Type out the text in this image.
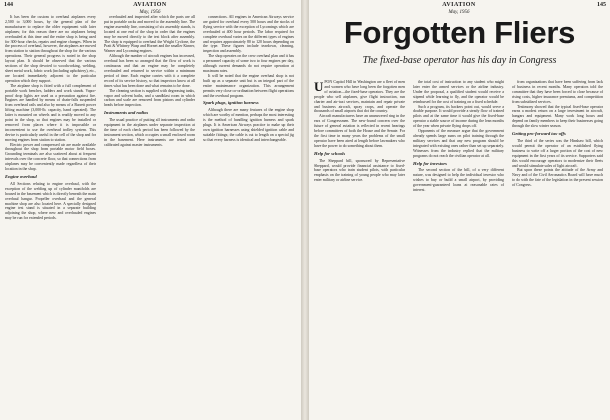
144	AVIATION
May, 1956

It has been the custom to overhaul airplanes every 2,500 to 3,000 hours, by the general plan of the manufacturer to replace the older equipment with later airplanes; for this reason there are no airplanes being overhauled at this time and the entire shop is being used for 300-hour checks, repairs and engine changes. When in the process of overhaul, however, the airplanes are moved from station to station throughout the shop for the various operations. Their general progress is noted in the shop layout plan. It should be observed that the various sections of the shop devoted to woodworking, welding, sheet metal work, fabric work (including upholstery), etc., are located immediately adjacent to the particular operation which they support.

The airplane shop is fitted with a full complement of portable work benches, ladders and work stands. Vapor-proof drop lights are used as a precaution against fire. Engines are handled by means of chain-falls suspended from overhead rails and also by means of a Barrett power lifting machine (3,000-lb. capacity, hand operated). The latter is mounted on wheels and is readily moved to any point in the shop, so that engines may be installed or removed from places where it is impossible or inconvenient to use the overhead trolley system. This device is particularly useful in the cell of the shop and for moving engines from station to station.

Electric power and compressed air are made available throughout the shop from portable motor field boxes. Grounding terminals are also scattered about at frequent intervals over the concrete floor, so that connections from airplanes may be conveniently made regardless of their location in the shop.

Engine overhaul

All Sections relating to engine overhaul, with the exception of the welding up of cylinder manifolds are housed in the basement which is directly beneath the main overhaul hangar. Propeller overhaul and the general machine shop are also located here. A specially designed engine test stand is situated in a separate building adjoining the shop, where new and overhauled engines may be run for extended periods.

overhauled and inspected after which the parts are all put in portable racks and moved to the assembly line. The engine assembly line, consisting of six assembly stands, is located at one end of the shop in order that the engines may be moved directly to the test block after assembly. The shop is equipped to overhaul the Wright Cyclone, the Pratt & Whitney Wasp and Hornet and the smaller Kinner, Warner and Lycoming engines.

Although the number of aircraft engines has increased, overhaul has been so arranged that the flow of work is continuous and that an engine may be completely overhauled and returned to service within a minimum period of time. Each engine carries with it a complete record of its service history, so that inspectors know at all times what has been done and what remains to be done.

The cleaning section is supplied with degreasing tanks, vapor and solvent baths, and a sandblast room in which carbon and scale are removed from pistons and cylinder heads before inspection.

Instruments and radios

The usual practice of putting all instruments and radio equipment in the airplanes under separate inspection at the time of each check period has been followed by the instrument section, which occupies a small enclosed room in the basement. Here instruments are tested and calibrated against master instruments.

connections. All engines in American Airways service are gutted for overhaul every 500 hours and the stocks of flying service with the exception of Lycomings which are overhauled at 400 hour periods. The labor required for complete overhaul varies on the different types of engines and requires approximately 80 to 120 hours depending on the type. These figures include teardown, cleaning, inspection and assembly.

The shop operates on the crew overhaul plan and it has a personnel capacity of some two to four engines per day, although current demands do not require operation at maximum rates.

It will be noted that the engine overhaul shop is not built up as a separate unit but is an integral part of the entire maintenance organization. This arrangement permits very close co-ordination between flight operations and the overhaul program.

Spark plugs, ignition harness

Although there are many features of the engine shop which are worthy of mention, perhaps the most interesting is the method of handling ignition harness and spark plugs. It is American Airways practice to make up their own ignition harnesses using shielded ignition cable and suitable fittings; the cable is cut to length on a special jig so that every harness is identical and interchangeable.

AVIATION
May, 1956
145
Forgotten Fliers
The fixed-base operator has his day in Congress
U PON Capitol Hill in Washington are a fleet of men and women who have long been the forgotten men of aviation—the fixed-base operators. They are the people who sell airplanes, give flight instruction, run charter and air-taxi services, maintain and repair private and business aircraft, spray crops, and operate the thousands of small airports that dot the country.

Aircraft manufacturers have an unanswered ring in the ears of Congressmen. The new-found concern over the future of general aviation is reflected in recent hearings before committees of both the House and the Senate. For the first time in many years the problems of the small operator have been aired at length before lawmakers who have the power to do something about them.

Help for schools

The Sheppard bill, sponsored by Representative Sheppard, would provide financial assistance to fixed-base operators who train student pilots, with particular emphasis on the training of young people who may later enter military or airline service.

the total cost of instruction to any student who might later enter the armed services or the airline industry. Under the proposal, a qualified student would receive a stipend while learning to fly, and the operator would be reimbursed for the cost of training on a fixed schedule.

Such a program, its backers point out, would serve a double purpose. It would provide a steady flow of trained pilots and at the same time it would give the fixed-base operator a stable source of income during the lean months of the year when private flying drops off.

Opponents of the measure argue that the government already spends large sums on pilot training through the military services and that any new program should be integrated with existing ones rather than set up separately. Witnesses from the industry replied that the military programs do not reach the civilian operator at all.

Help for investors

The second section of the bill, of a very different nature, was designed to help the individual investor who wishes to buy or build a small airport, by providing government-guaranteed loans at reasonable rates of interest.

from organizations that have been suffering from lack of business in recent months. Many operators told the committee that they have been forced to close because of rising costs, higher insurance premiums, and competition from subsidized services.

Testimony showed that the typical fixed-base operator earns a modest return on a large investment in aircraft, hangars and equipment. Many work long hours and depend on family members to keep their businesses going through the slow winter season.

Getting pro-forward tax-offs

The third of the series was the Hinshaw bill, which would permit the operator of an established flying business to write off a larger portion of the cost of new equipment in the first years of its service. Supporters said this would encourage operators to modernize their fleets and would stimulate sales of light aircraft.

But upon these points the attitude of the Army and Navy and of the Civil Aeronautics Board will have much to do with the fate of the legislation in the present session of Congress.
